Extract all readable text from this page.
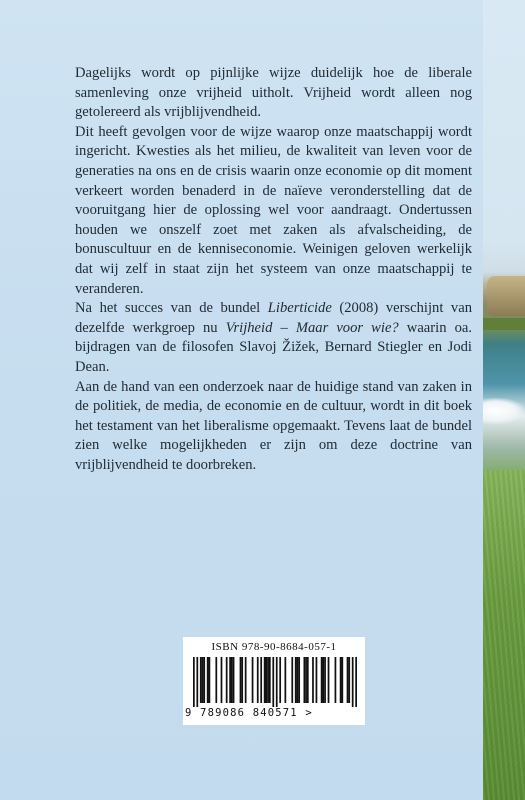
Dagelijks wordt op pijnlijke wijze duidelijk hoe de liberale samenleving onze vrijheid uitholt. Vrijheid wordt alleen nog getolereerd als vrijblijvendheid.

Dit heeft gevolgen voor de wijze waarop onze maatschappij wordt ingericht. Kwesties als het milieu, de kwaliteit van leven voor de generaties na ons en de crisis waarin onze economie op dit moment verkeert worden benaderd in de naïeve veronderstelling dat de vooruitgang hier de oplossing wel voor aandraagt. Ondertussen houden we onszelf zoet met zaken als afvalscheiding, de bonuscultuur en de kenniseconomie. Weinigen geloven werkelijk dat wij zelf in staat zijn het systeem van onze maatschappij te veranderen.

Na het succes van de bundel Liberticide (2008) verschijnt van dezelfde werkgroep nu Vrijheid – Maar voor wie? waarin oa. bijdragen van de filosofen Slavoj Žižek, Bernard Stiegler en Jodi Dean.

Aan de hand van een onderzoek naar de huidige stand van zaken in de politiek, de media, de economie en de cultuur, wordt in dit boek het testament van het liberalisme opgemaakt. Tevens laat de bundel zien welke mogelijkheden er zijn om deze doctrine van vrijblijvendheid te doorbreken.

ISBN 978-90-8684-057-1
9 789086 840571 >
